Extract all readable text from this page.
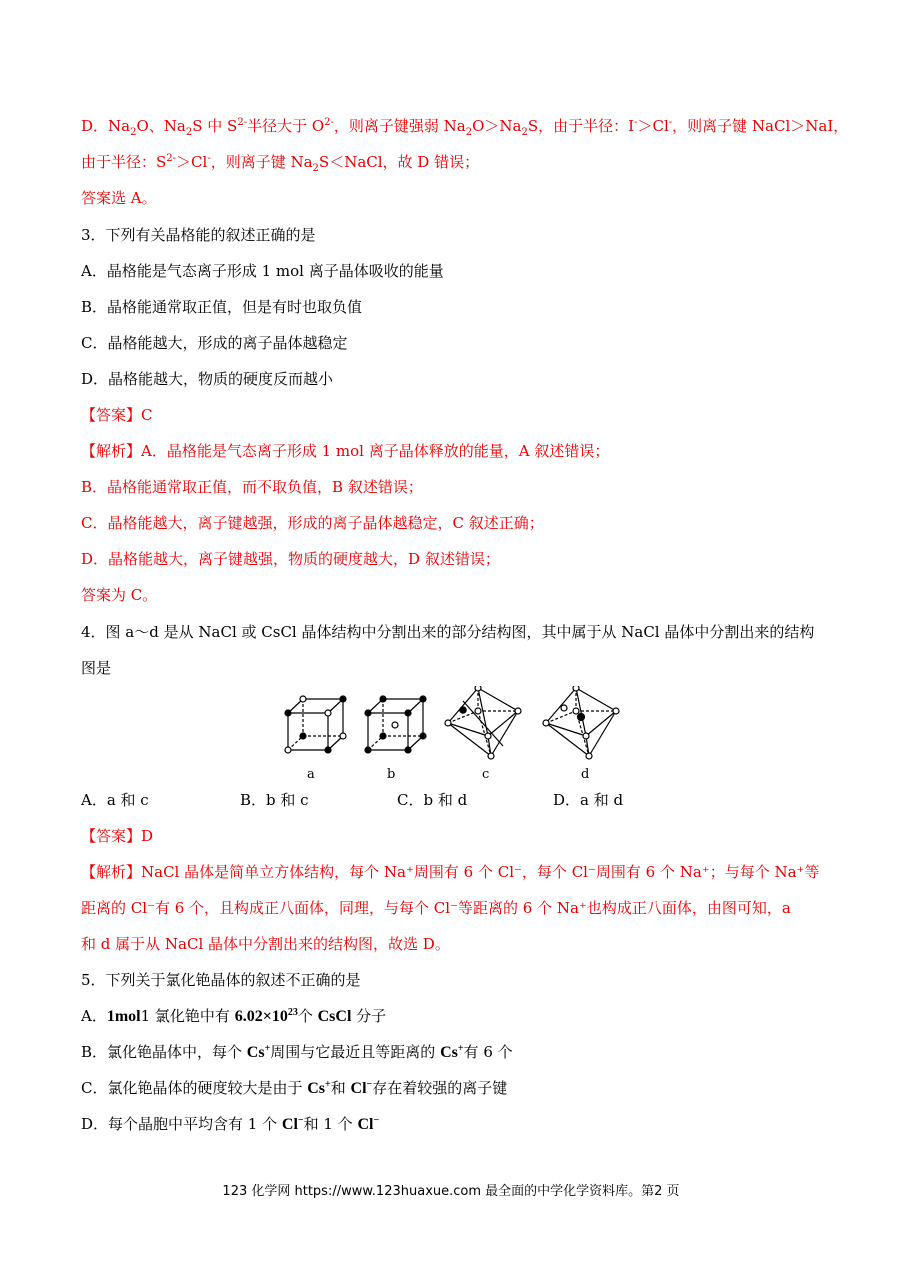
D．$Na_2O$、$Na_2S$ 中 $S^{2-}$半径大于 $O^{2-}$，则离子键强弱 $Na_2O>Na_2S$，由于半径：I-＞Cl-，则离子键 NaCl＞NaI，
由于半径：$S^{2-}>Cl^-$，则离子键 $Na_2S<NaCl$，故 D 错误；
答案选 A。
3．下列有关晶格能的叙述正确的是
A．晶格能是气态离子形成 1 mol 离子晶体吸收的能量
B．晶格能通常取正值，但是有时也取负值
C．晶格能越大，形成的离子晶体越稳定
D．晶格能越大，物质的硬度反而越小
【答案】C
【解析】A．晶格能是气态离子形成 1 mol 离子晶体释放的能量，A 叙述错误；
B．晶格能通常取正值，而不取负值，B 叙述错误；
C．晶格能越大，离子键越强，形成的离子晶体越稳定，C 叙述正确；
D．晶格能越大，离子键越强，物质的硬度越大，D 叙述错误；
答案为 C。
4．图 a～d 是从 NaCl 或 CsCl 晶体结构中分割出来的部分结构图，其中属于从 NaCl 晶体中分割出来的结构
图是
a	b	c	d
A．a 和 c	B．b 和 c	C．b 和 d	D．a 和 d
【答案】D
【解析】NaCl 晶体是简单立方体结构，每个 Na⁺周围有 6 个 Cl⁻，每个 Cl⁻周围有 6 个 Na⁺；与每个 Na⁺等
距离的 Cl⁻有 6 个，且构成正八面体，同理，与每个 Cl⁻等距离的 6 个 Na⁺也构成正八面体，由图可知，a
和 d 属于从 NaCl 晶体中分割出来的结构图，故选 D。
5．下列关于氯化铯晶体的叙述不正确的是
A．1mol1 氯化铯中有 $6.02\times 10^{23}$个 CsCl 分子
B．氯化铯晶体中，每个 Cs+周围与它最近且等距离的 Cs+有 6 个
C．氯化铯晶体的硬度较大是由于 Cs+和 Cl−存在着较强的离子键
D．每个晶胞中平均含有 1 个 Cl−和 1 个 Cl−
123 化学网 https://www.123huaxue.com 最全面的中学化学资料库。第2 页
